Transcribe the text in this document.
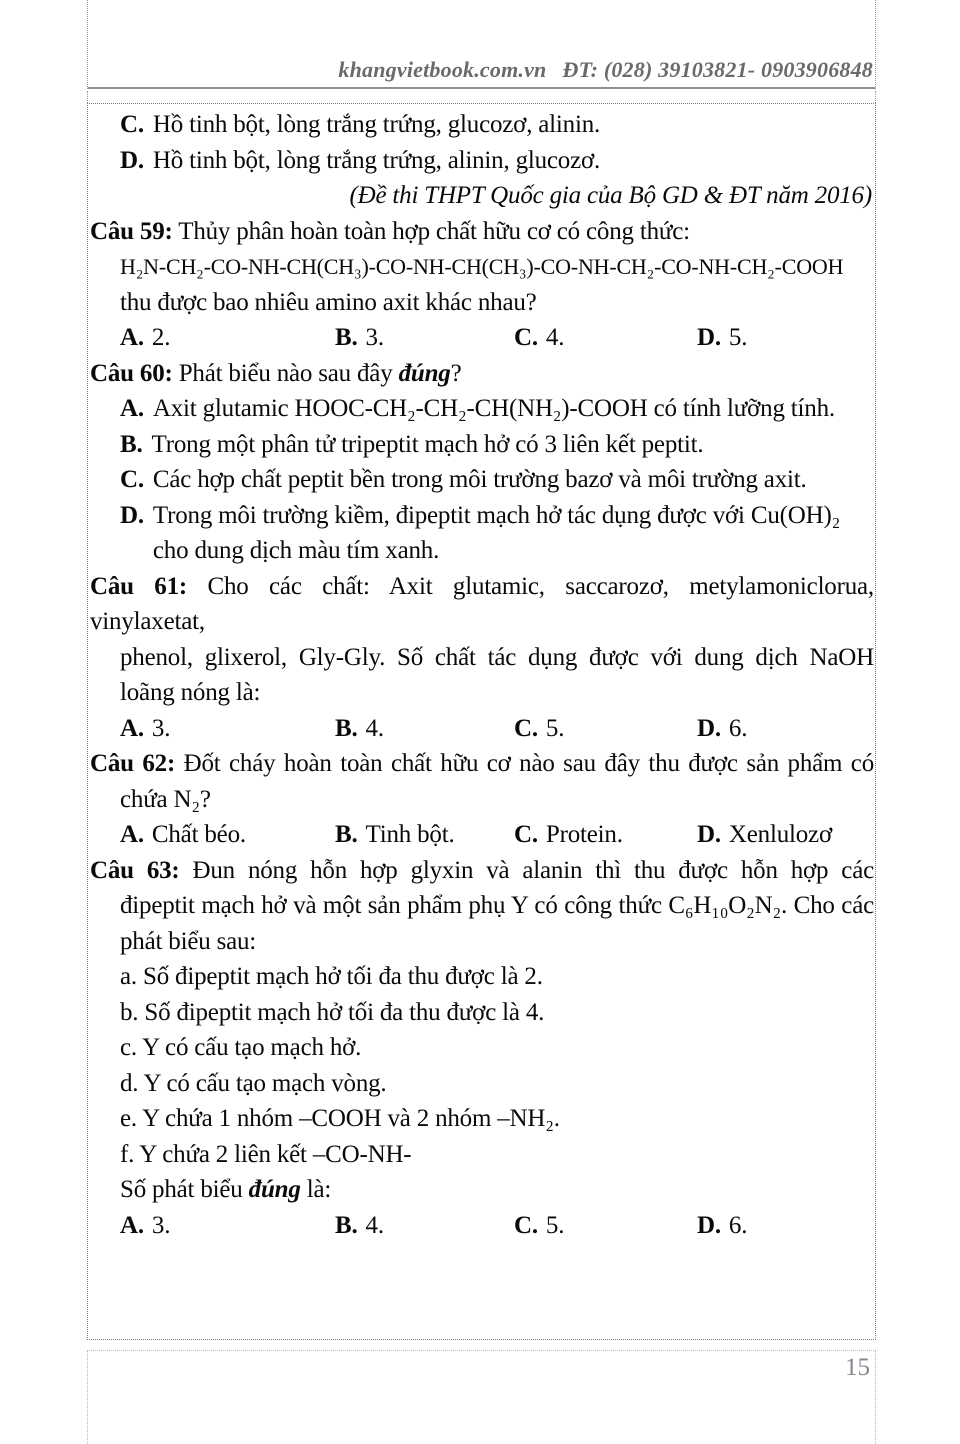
khangvietbook.com.vn ĐT: (028) 39103821- 0903906848
C. Hồ tinh bột, lòng trắng trứng, glucozơ, alinin.
D. Hồ tinh bột, lòng trắng trứng, alinin, glucozơ.
(Đề thi THPT Quốc gia của Bộ GD & ĐT năm 2016)
Câu 59: Thủy phân hoàn toàn hợp chất hữu cơ có công thức:
H₂N-CH₂-CO-NH-CH(CH₃)-CO-NH-CH(CH₃)-CO-NH-CH₂-CO-NH-CH₂-COOH
thu được bao nhiêu amino axit khác nhau?
A. 2.	B. 3.	C. 4.	D. 5.
Câu 60: Phát biểu nào sau đây đúng?
A. Axit glutamic HOOC-CH₂-CH₂-CH(NH₂)-COOH có tính lưỡng tính.
B. Trong một phân tử tripeptit mạch hở có 3 liên kết peptit.
C. Các hợp chất peptit bền trong môi trường bazơ và môi trường axit.
D. Trong môi trường kiềm, đipeptit mạch hở tác dụng được với Cu(OH)₂
cho dung dịch màu tím xanh.
Câu 61: Cho các chất: Axit glutamic, saccarozơ, metylamoniclorua, vinylaxetat,
phenol, glixerol, Gly-Gly. Số chất tác dụng được với dung dịch NaOH
loãng nóng là:
A. 3.	B. 4.	C. 5.	D. 6.
Câu 62: Đốt cháy hoàn toàn chất hữu cơ nào sau đây thu được sản phẩm có
chứa N₂?
A. Chất béo.	B. Tinh bột.	C. Protein.	D. Xenlulozơ
Câu 63: Đun nóng hỗn hợp glyxin và alanin thì thu được hỗn hợp các
đipeptit mạch hở và một sản phẩm phụ Y có công thức C₆H₁₀O₂N₂. Cho các
phát biểu sau:
a. Số đipeptit mạch hở tối đa thu được là 2.
b. Số đipeptit mạch hở tối đa thu được là 4.
c. Y có cấu tạo mạch hở.
d. Y có cấu tạo mạch vòng.
e. Y chứa 1 nhóm –COOH và 2 nhóm –NH₂.
f. Y chứa 2 liên kết –CO-NH-
Số phát biểu đúng là:
A. 3.	B. 4.	C. 5.	D. 6.
15
